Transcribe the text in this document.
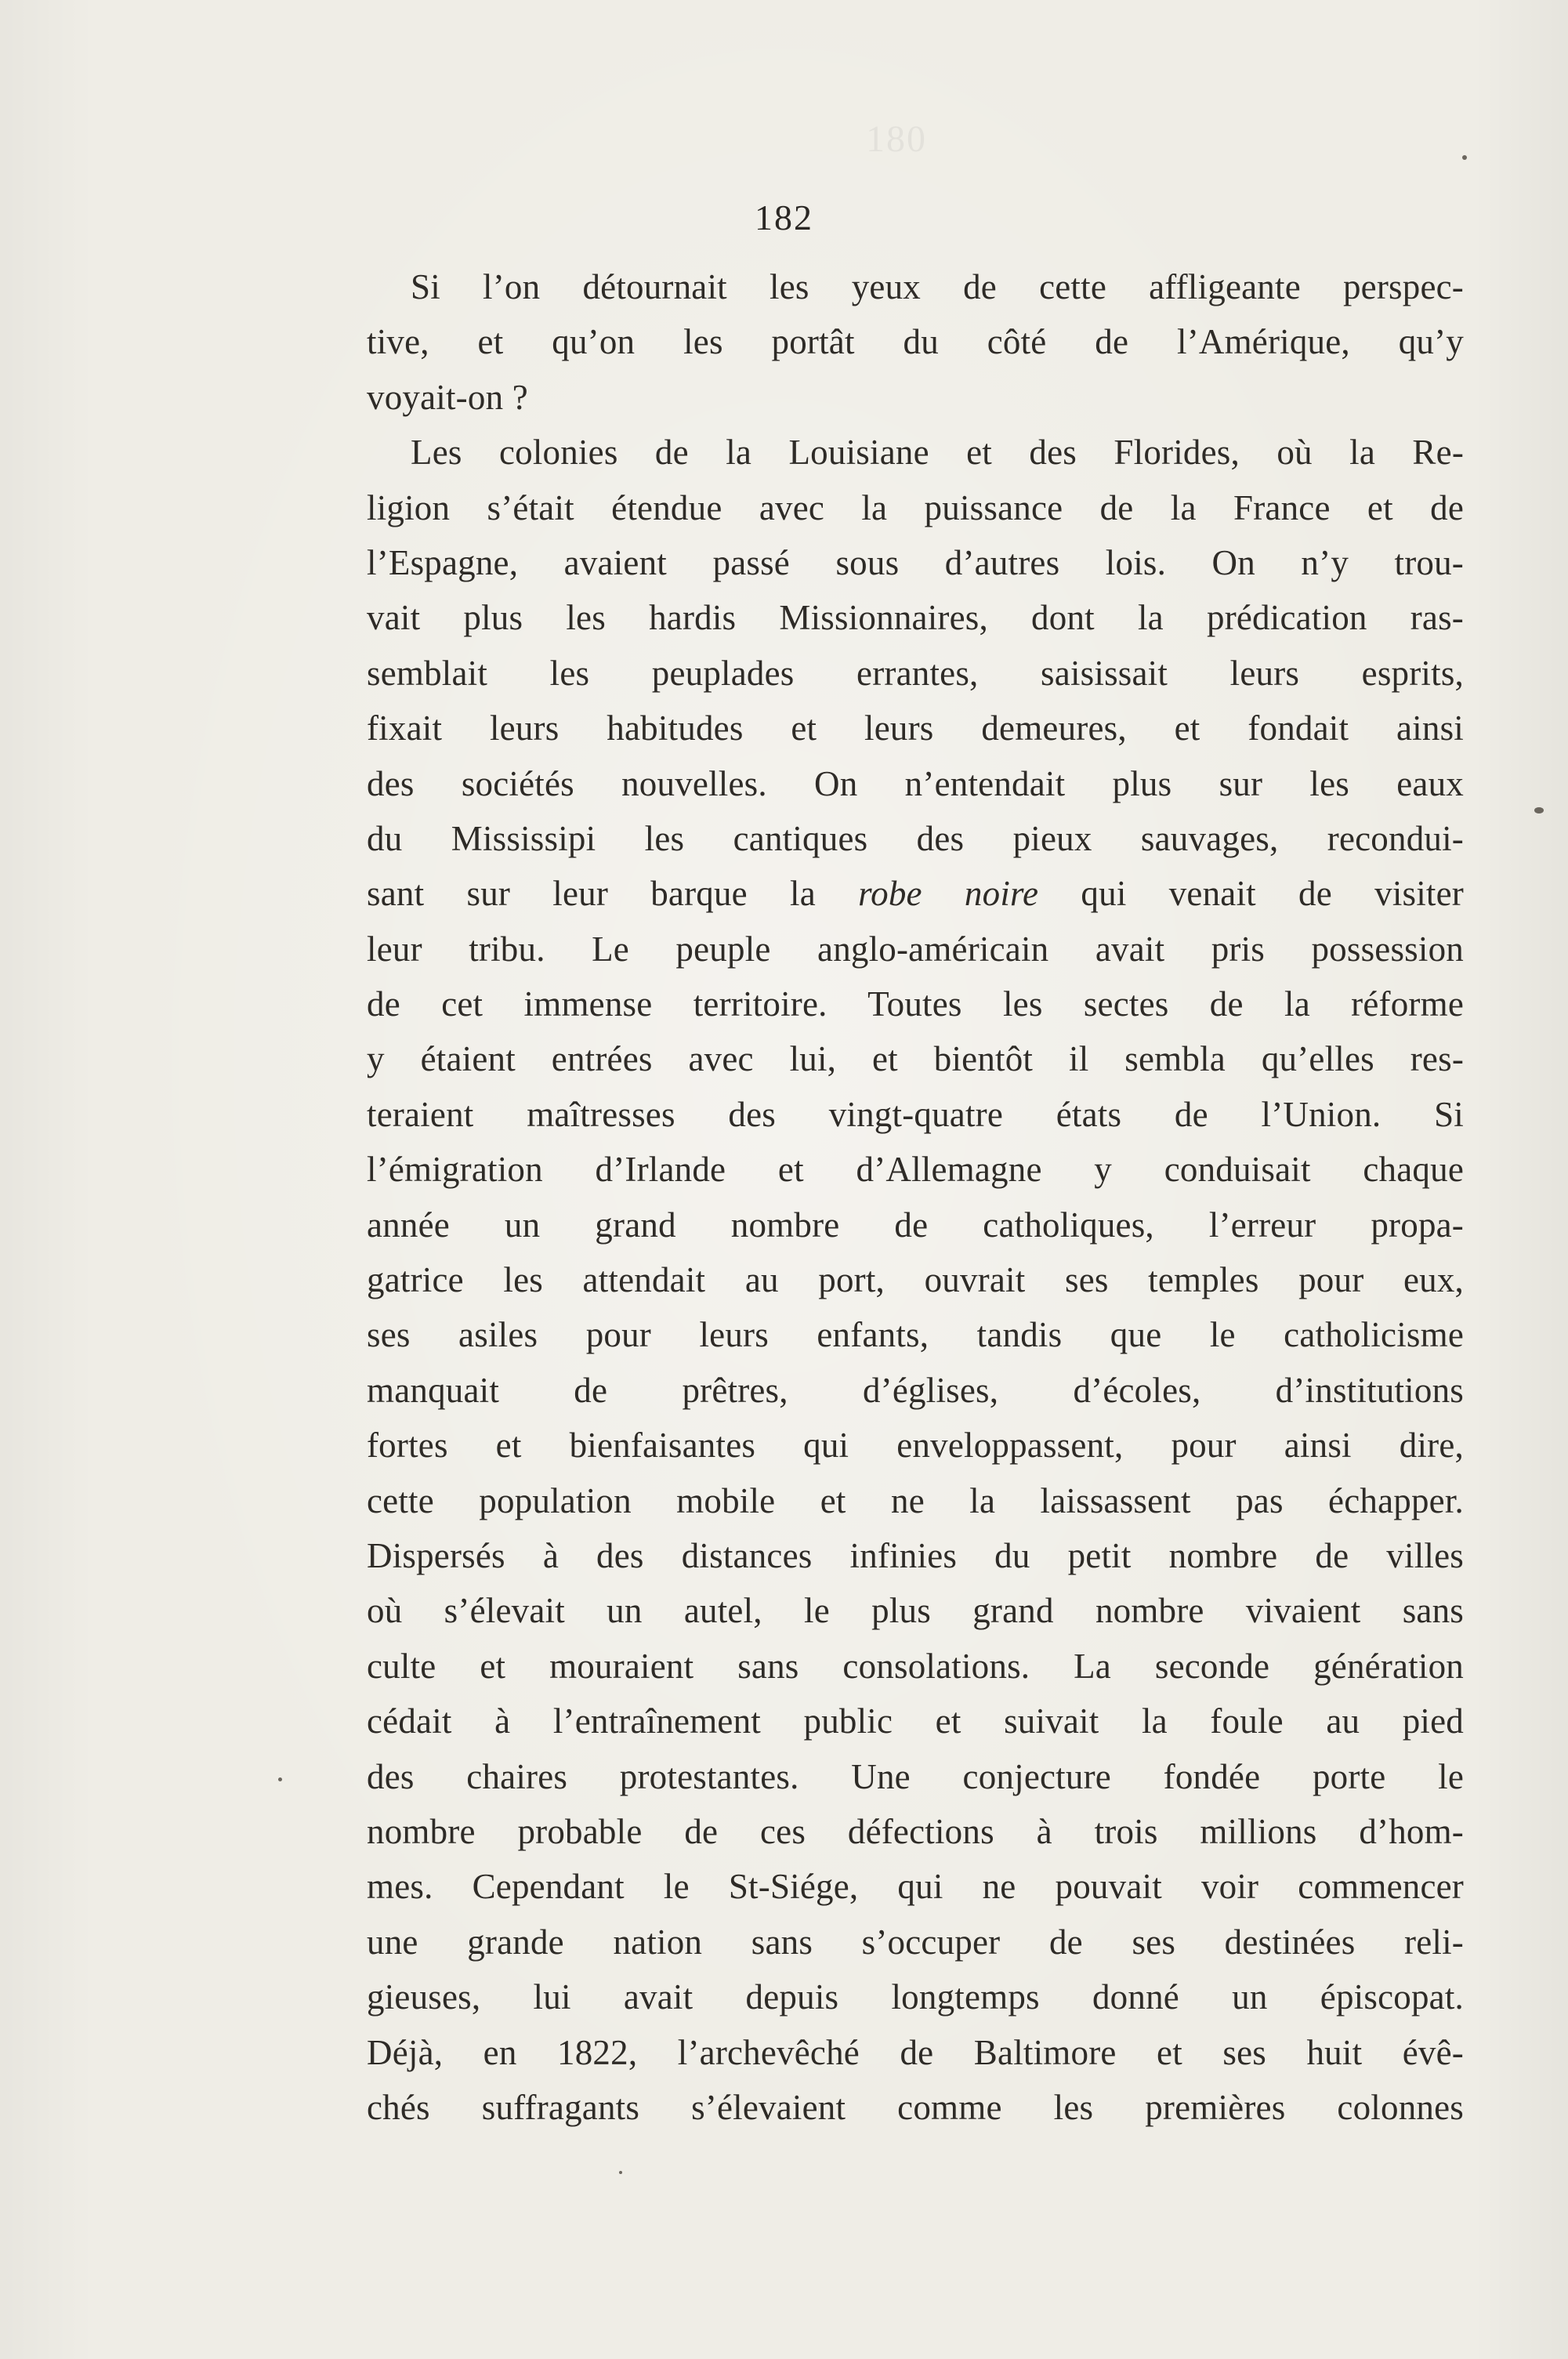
180
182
Si l’on détournait les yeux de cette affligeante perspec-
tive, et qu’on les portât du côté de l’Amérique, qu’y
voyait-on ?
Les colonies de la Louisiane et des Florides, où la Re-
ligion s’était étendue avec la puissance de la France et de
l’Espagne, avaient passé sous d’autres lois. On n’y trou-
vait plus les hardis Missionnaires, dont la prédication ras-
semblait les peuplades errantes, saisissait leurs esprits,
fixait leurs habitudes et leurs demeures, et fondait ainsi
des sociétés nouvelles. On n’entendait plus sur les eaux
du Mississipi les cantiques des pieux sauvages, recondui-
sant sur leur barque la robe noire qui venait de visiter
leur tribu. Le peuple anglo-américain avait pris possession
de cet immense territoire. Toutes les sectes de la réforme
y étaient entrées avec lui, et bientôt il sembla qu’elles res-
teraient maîtresses des vingt-quatre états de l’Union. Si
l’émigration d’Irlande et d’Allemagne y conduisait chaque
année un grand nombre de catholiques, l’erreur propa-
gatrice les attendait au port, ouvrait ses temples pour eux,
ses asiles pour leurs enfants, tandis que le catholicisme
manquait de prêtres, d’églises, d’écoles, d’institutions
fortes et bienfaisantes qui enveloppassent, pour ainsi dire,
cette population mobile et ne la laissassent pas échapper.
Dispersés à des distances infinies du petit nombre de villes
où s’élevait un autel, le plus grand nombre vivaient sans
culte et mouraient sans consolations. La seconde génération
cédait à l’entraînement public et suivait la foule au pied
des chaires protestantes. Une conjecture fondée porte le
nombre probable de ces défections à trois millions d’hom-
mes. Cependant le St-Siége, qui ne pouvait voir commencer
une grande nation sans s’occuper de ses destinées reli-
gieuses, lui avait depuis longtemps donné un épiscopat.
Déjà, en 1822, l’archevêché de Baltimore et ses huit évê-
chés suffragants s’élevaient comme les premières colonnes
